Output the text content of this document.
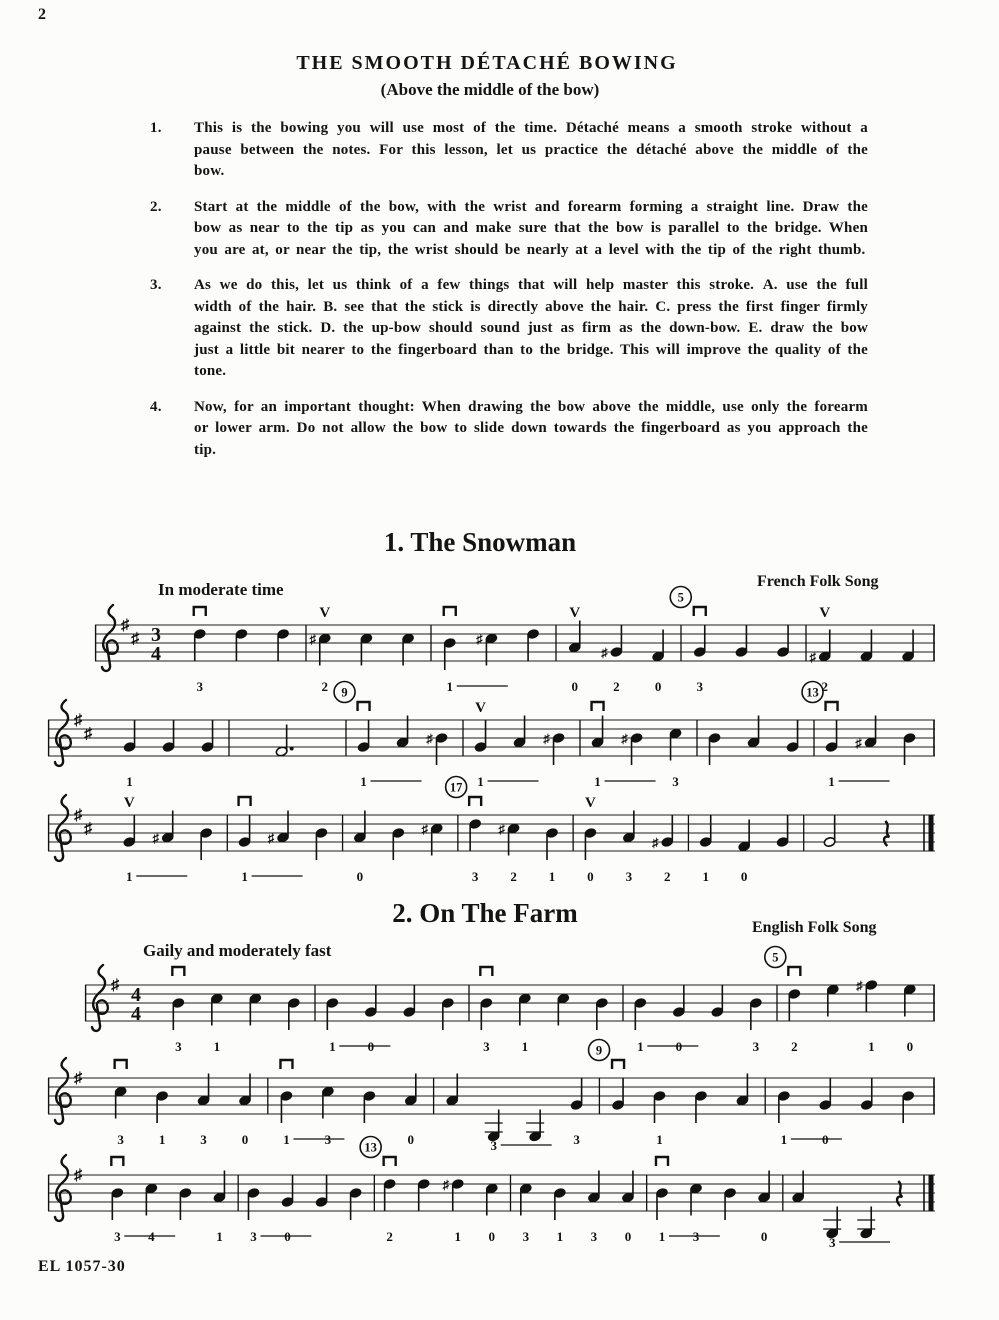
2
THE SMOOTH DÉTACHÉ BOWING
(Above the middle of the bow)
1. This is the bowing you will use most of the time. Détaché means a smooth stroke without a pause between the notes. For this lesson, let us practice the détaché above the middle of the bow.
2. Start at the middle of the bow, with the wrist and forearm forming a straight line. Draw the bow as near to the tip as you can and make sure that the bow is parallel to the bridge. When you are at, or near the tip, the wrist should be nearly at a level with the tip of the right thumb.
3. As we do this, let us think of a few things that will help master this stroke. A. use the full width of the hair. B. see that the stick is directly above the hair. C. press the first finger firmly against the stick. D. the up-bow should sound just as firm as the down-bow. E. draw the bow just a little bit nearer to the fingerboard than to the bridge. This will improve the quality of the tone.
4. Now, for an important thought: When drawing the bow above the middle, use only the forearm or lower arm. Do not allow the bow to slide down towards the fingerboard as you approach the tip.
1. The Snowman
In moderate time	French Folk Song
2. On The Farm
Gaily and moderately fast
English Folk Song
♯
♯ 3
4
3
♯
2
V
1
♯
0
V
♯
2	0	3
5
♯
2
V
♯
♯
1	1
9
♯
1
V
♯
1
♯
3	1
13
♯
♯
♯
1
V
♯
1
♯
0
♯
3
17
♯
2 1 0
V
3
♯
2 1 0
♯ 4
4
3 1	1 0	3 1	1 0	3 2
5
♯
1 0
♯
3	1	3	0	1	3	0	3	3
9
1	1	0
♯
3 4	1 3 0	2
13
♯
1 0 3 1 3 0 1 3	0	3
EL 1057-30
